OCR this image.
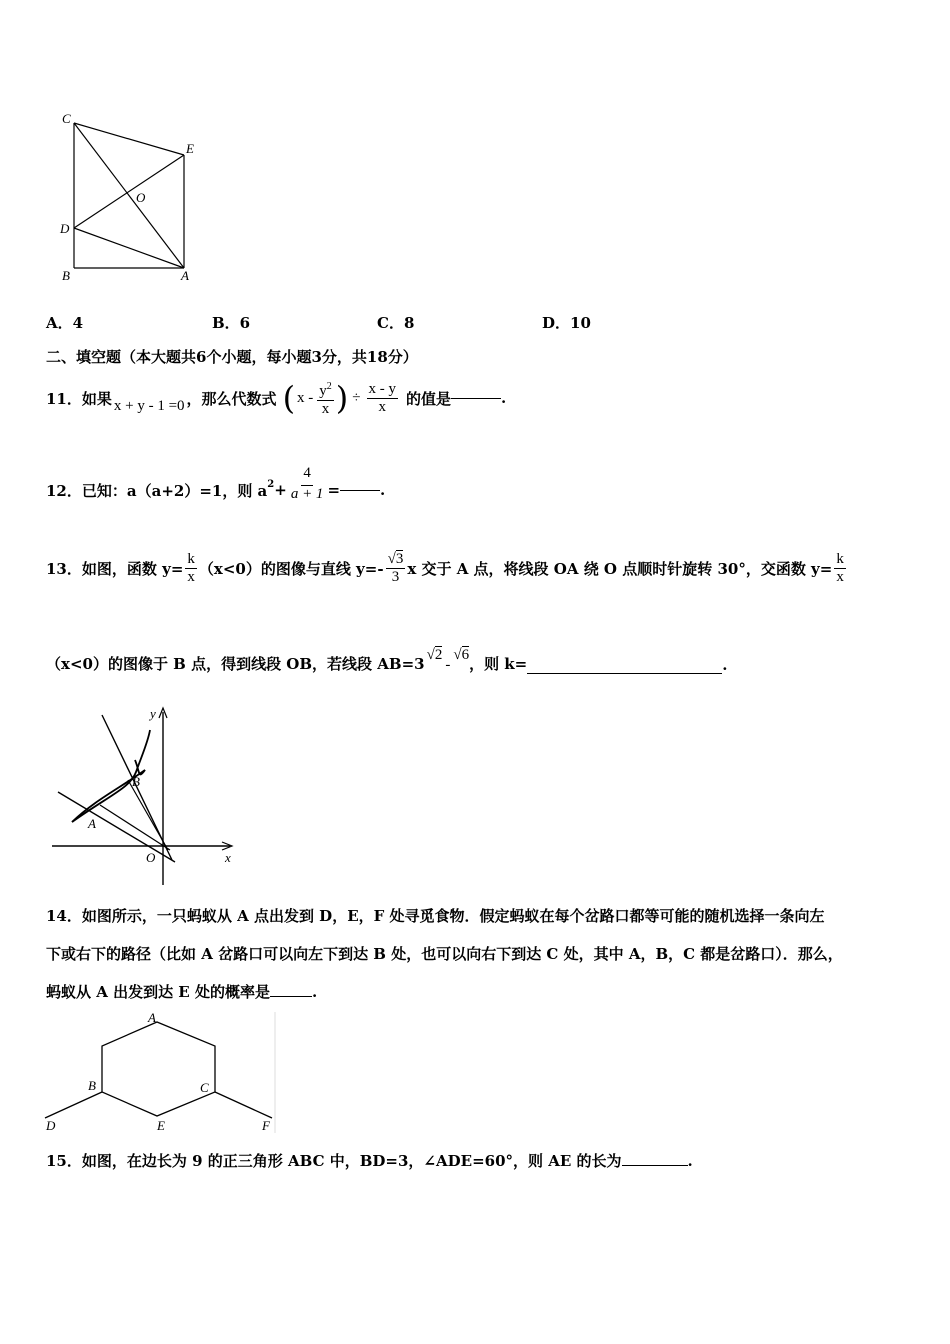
C
E
O
D
B	A
A．4	B．6	C．8	D．10
二、填空题（本大题共6个小题，每小题3分，共18分）
11．如果 x + y - 1 =0 ，那么代数式 ( x - $\frac{y^2}{x}$ ) ÷ $\frac{x - y}{x}$ 的值是	.
12．已知：a（a+2）=1，则 $a^2 + \frac{4}{a + 1}$ =	.
13．如图，函数 $y= \frac{k}{x} (x<0)$的图像与直线 $y=- \frac{√3}{3}$ x 交于 A 点，将线段 OA 绕 O 点顺时针旋转 30°，交函数 $y= \frac{k}{x}$
（x<0）的图像于 B 点，得到线段 OB，若线段 AB=3 √2
-
√6 ，则 k=	.
y
B
A
O	x
14．如图所示，一只蚂蚁从 A 点出发到 D，E，F 处寻觅食物．假定蚂蚁在每个岔路口都等可能的随机选择一条向左
下或右下的路径（比如 A 岔路口可以向左下到达 B 处，也可以向右下到达 C 处，其中 A，B，C 都是岔路口）．那么，
蚂蚁从 A 出发到达 E 处的概率是	.
A
B	C
D	E	F
15．如图，在边长为 9 的正三角形 ABC 中，BD=3，∠ADE=60°，则 AE 的长为	.
